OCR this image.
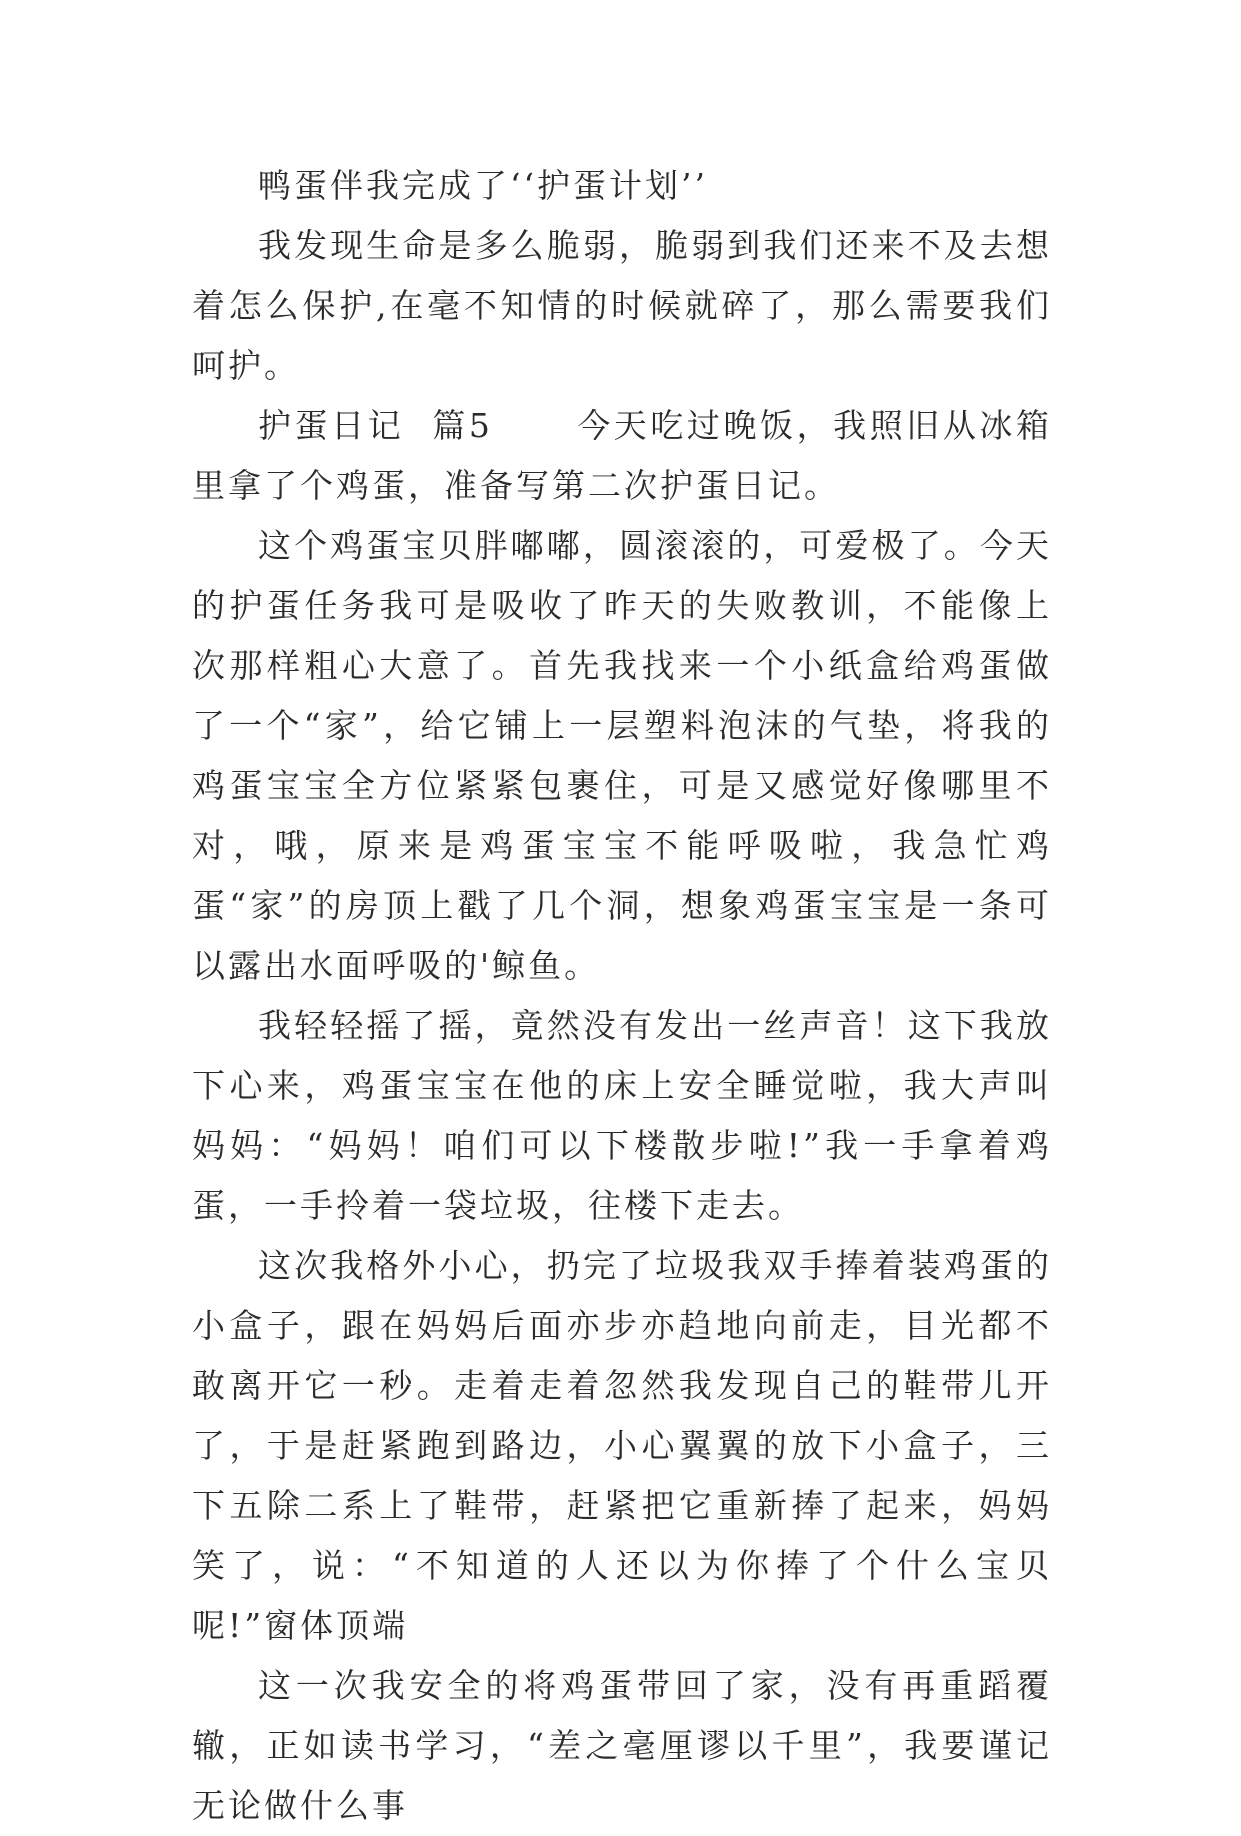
鸭蛋伴我完成了‘‘护蛋计划’’

我发现生命是多么脆弱，脆弱到我们还来不及去想着怎么保护,在毫不知情的时候就碎了，那么需要我们呵护。

护蛋日记  篇5      今天吃过晚饭，我照旧从冰箱里拿了个鸡蛋，准备写第二次护蛋日记。

这个鸡蛋宝贝胖嘟嘟，圆滚滚的，可爱极了。今天的护蛋任务我可是吸收了昨天的失败教训，不能像上次那样粗心大意了。首先我找来一个小纸盒给鸡蛋做了一个“家”，给它铺上一层塑料泡沫的气垫，将我的鸡蛋宝宝全方位紧紧包裹住，可是又感觉好像哪里不对，哦，原来是鸡蛋宝宝不能呼吸啦，我急忙鸡蛋“家”的房顶上戳了几个洞，想象鸡蛋宝宝是一条可以露出水面呼吸的'鲸鱼。

我轻轻摇了摇，竟然没有发出一丝声音！这下我放下心来，鸡蛋宝宝在他的床上安全睡觉啦，我大声叫妈妈：“妈妈！咱们可以下楼散步啦!”我一手拿着鸡蛋，一手拎着一袋垃圾，往楼下走去。

这次我格外小心，扔完了垃圾我双手捧着装鸡蛋的小盒子，跟在妈妈后面亦步亦趋地向前走，目光都不敢离开它一秒。走着走着忽然我发现自己的鞋带儿开了，于是赶紧跑到路边，小心翼翼的放下小盒子，三下五除二系上了鞋带，赶紧把它重新捧了起来，妈妈笑了，说：“不知道的人还以为你捧了个什么宝贝呢!”窗体顶端

这一次我安全的将鸡蛋带回了家，没有再重蹈覆辙，正如读书学习，“差之毫厘谬以千里”，我要谨记无论做什么事
